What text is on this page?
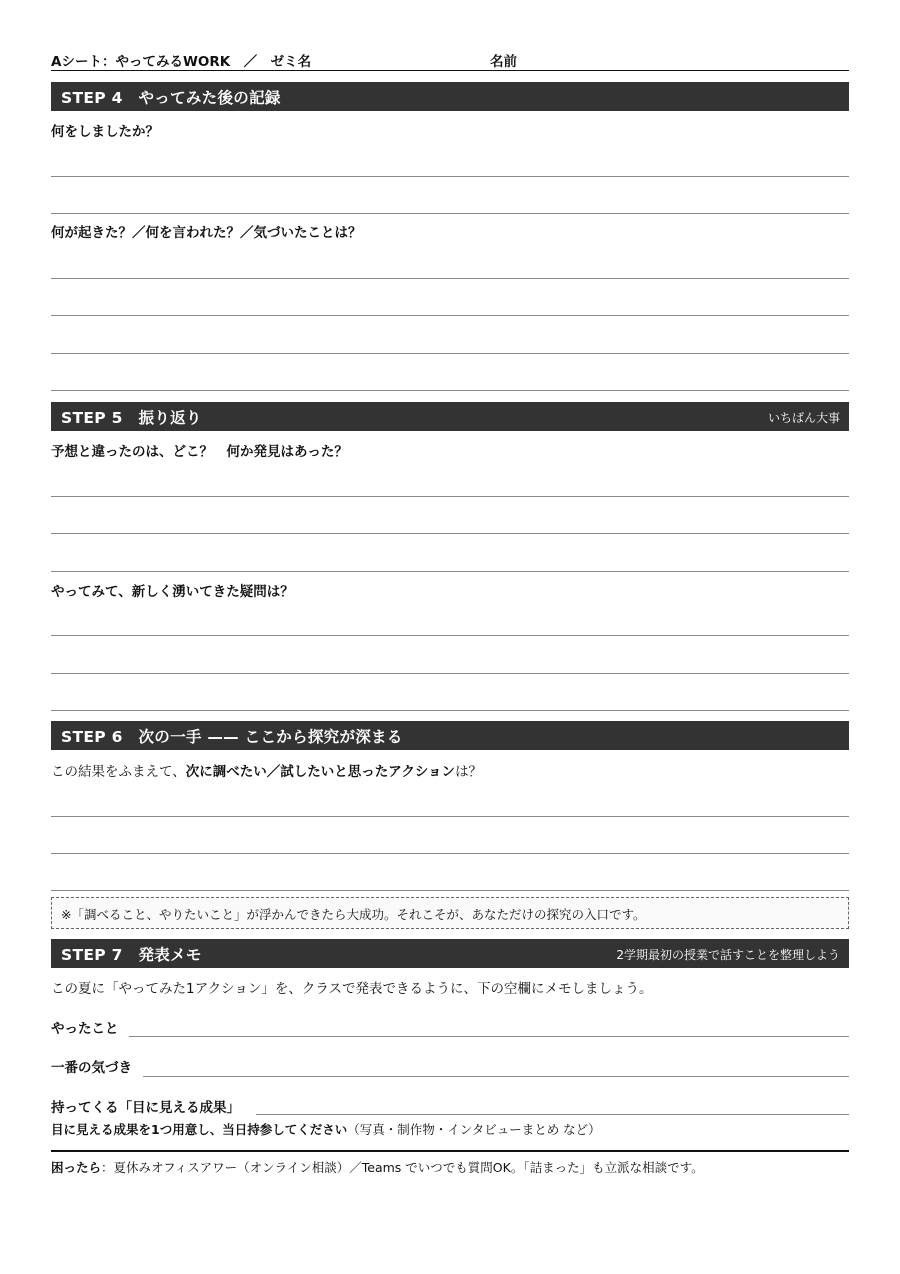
Aシート：やってみるWORK　／　ゼミ名	名前
STEP 4　やってみた後の記録
何をしましたか？
何が起きた？／何を言われた？／気づいたことは？
STEP 5　振り返り	いちばん大事
予想と違ったのは、どこ？　何か発見はあった？
やってみて、新しく湧いてきた疑問は？
STEP 6　次の一手 —— ここから探究が深まる
この結果をふまえて、次に調べたい／試したいと思ったアクションは？
※「調べること、やりたいこと」が浮かんできたら大成功。それこそが、あなただけの探究の入口です。
STEP 7　発表メモ	2学期最初の授業で話すことを整理しよう
この夏に「やってみた1アクション」を、クラスで発表できるように、下の空欄にメモしましょう。
やったこと
一番の気づき
持ってくる「目に見える成果」
目に見える成果を1つ用意し、当日持参してください（写真・制作物・インタビューまとめ など）
困ったら：夏休みオフィスアワー（オンライン相談）／Teams でいつでも質問OK。「詰まった」も立派な相談です。
